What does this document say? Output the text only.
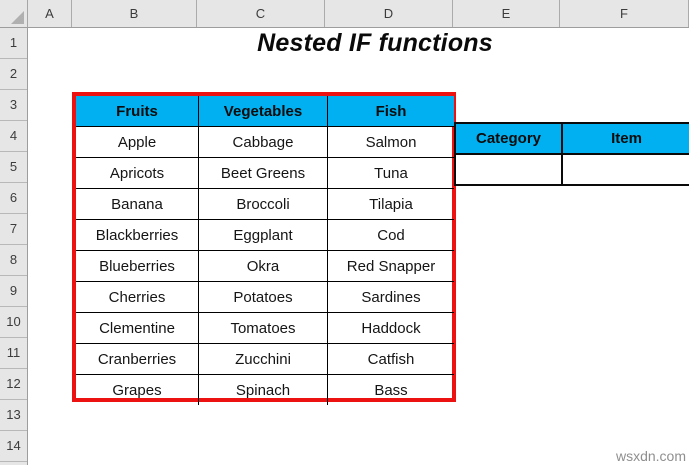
A	B	C	D	E	F
1
2
3
4
5
6
7
8
9
10
11
12
13
14
Nested IF functions
Fruits	Vegetables	Fish
Apple	Cabbage	Salmon
Apricots	Beet Greens	Tuna
Banana	Broccoli	Tilapia
Blackberries	Eggplant	Cod
Blueberries	Okra	Red Snapper
Cherries	Potatoes	Sardines
Clementine	Tomatoes	Haddock
Cranberries	Zucchini	Catfish
Grapes	Spinach	Bass
Category	Item

wsxdn.com
